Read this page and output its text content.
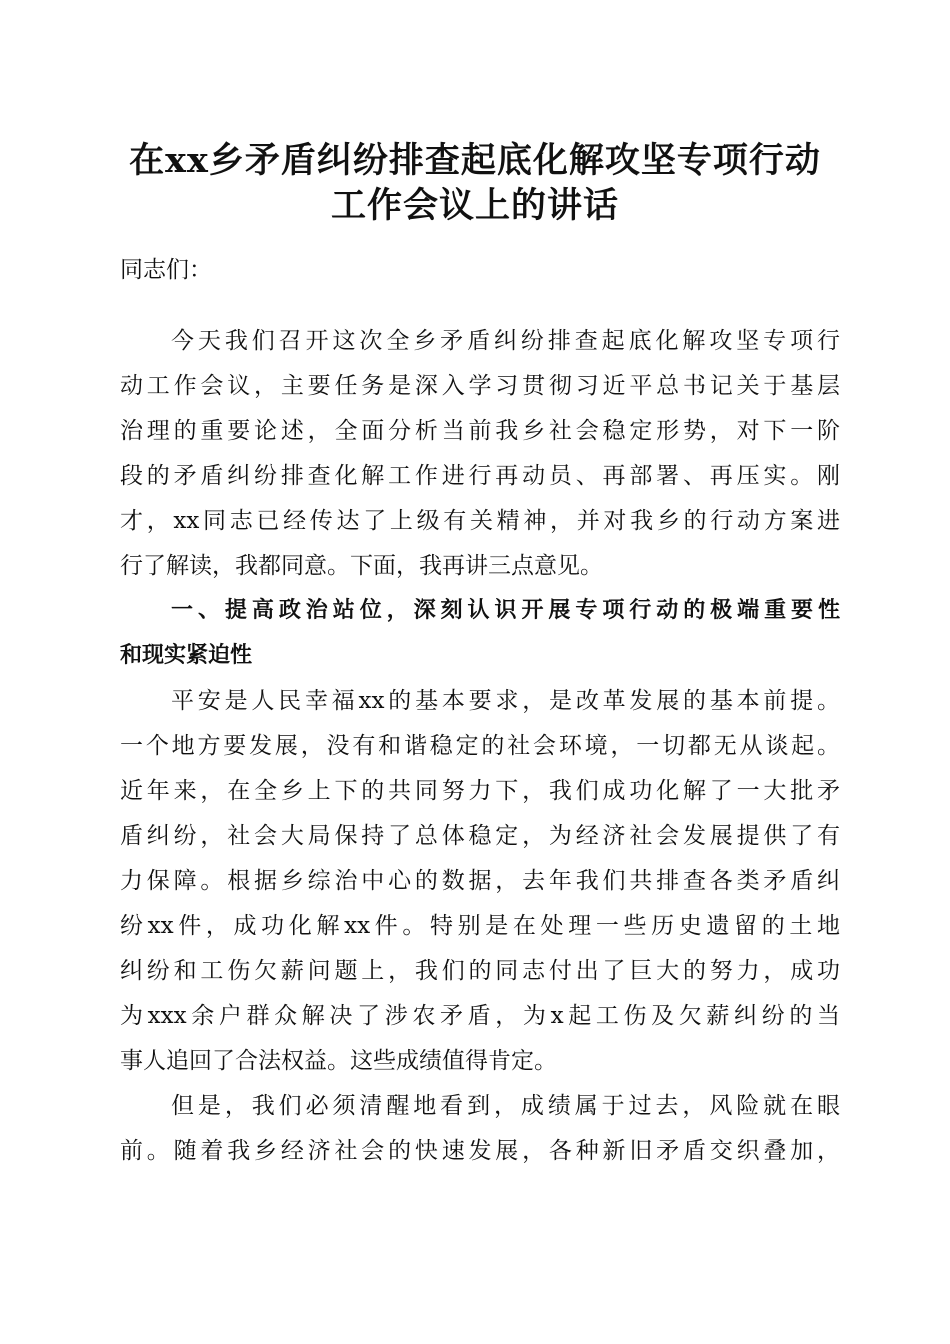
在xx乡矛盾纠纷排查起底化解攻坚专项行动
工作会议上的讲话

同志们：

今天我们召开这次全乡矛盾纠纷排查起底化解攻坚专项行

动工作会议，主要任务是深入学习贯彻习近平总书记关于基层

治理的重要论述，全面分析当前我乡社会稳定形势，对下一阶

段的矛盾纠纷排查化解工作进行再动员、再部署、再压实。刚

才，xx同志已经传达了上级有关精神，并对我乡的行动方案进

行了解读，我都同意。下面，我再讲三点意见。

一、提高政治站位，深刻认识开展专项行动的极端重要性

和现实紧迫性

平安是人民幸福xx的基本要求，是改革发展的基本前提。

一个地方要发展，没有和谐稳定的社会环境，一切都无从谈起。

近年来，在全乡上下的共同努力下，我们成功化解了一大批矛

盾纠纷，社会大局保持了总体稳定，为经济社会发展提供了有

力保障。根据乡综治中心的数据，去年我们共排查各类矛盾纠

纷xx件，成功化解xx件。特别是在处理一些历史遗留的土地

纠纷和工伤欠薪问题上，我们的同志付出了巨大的努力，成功

为xxx余户群众解决了涉农矛盾，为x起工伤及欠薪纠纷的当

事人追回了合法权益。这些成绩值得肯定。

但是，我们必须清醒地看到，成绩属于过去，风险就在眼

前。随着我乡经济社会的快速发展，各种新旧矛盾交织叠加，
